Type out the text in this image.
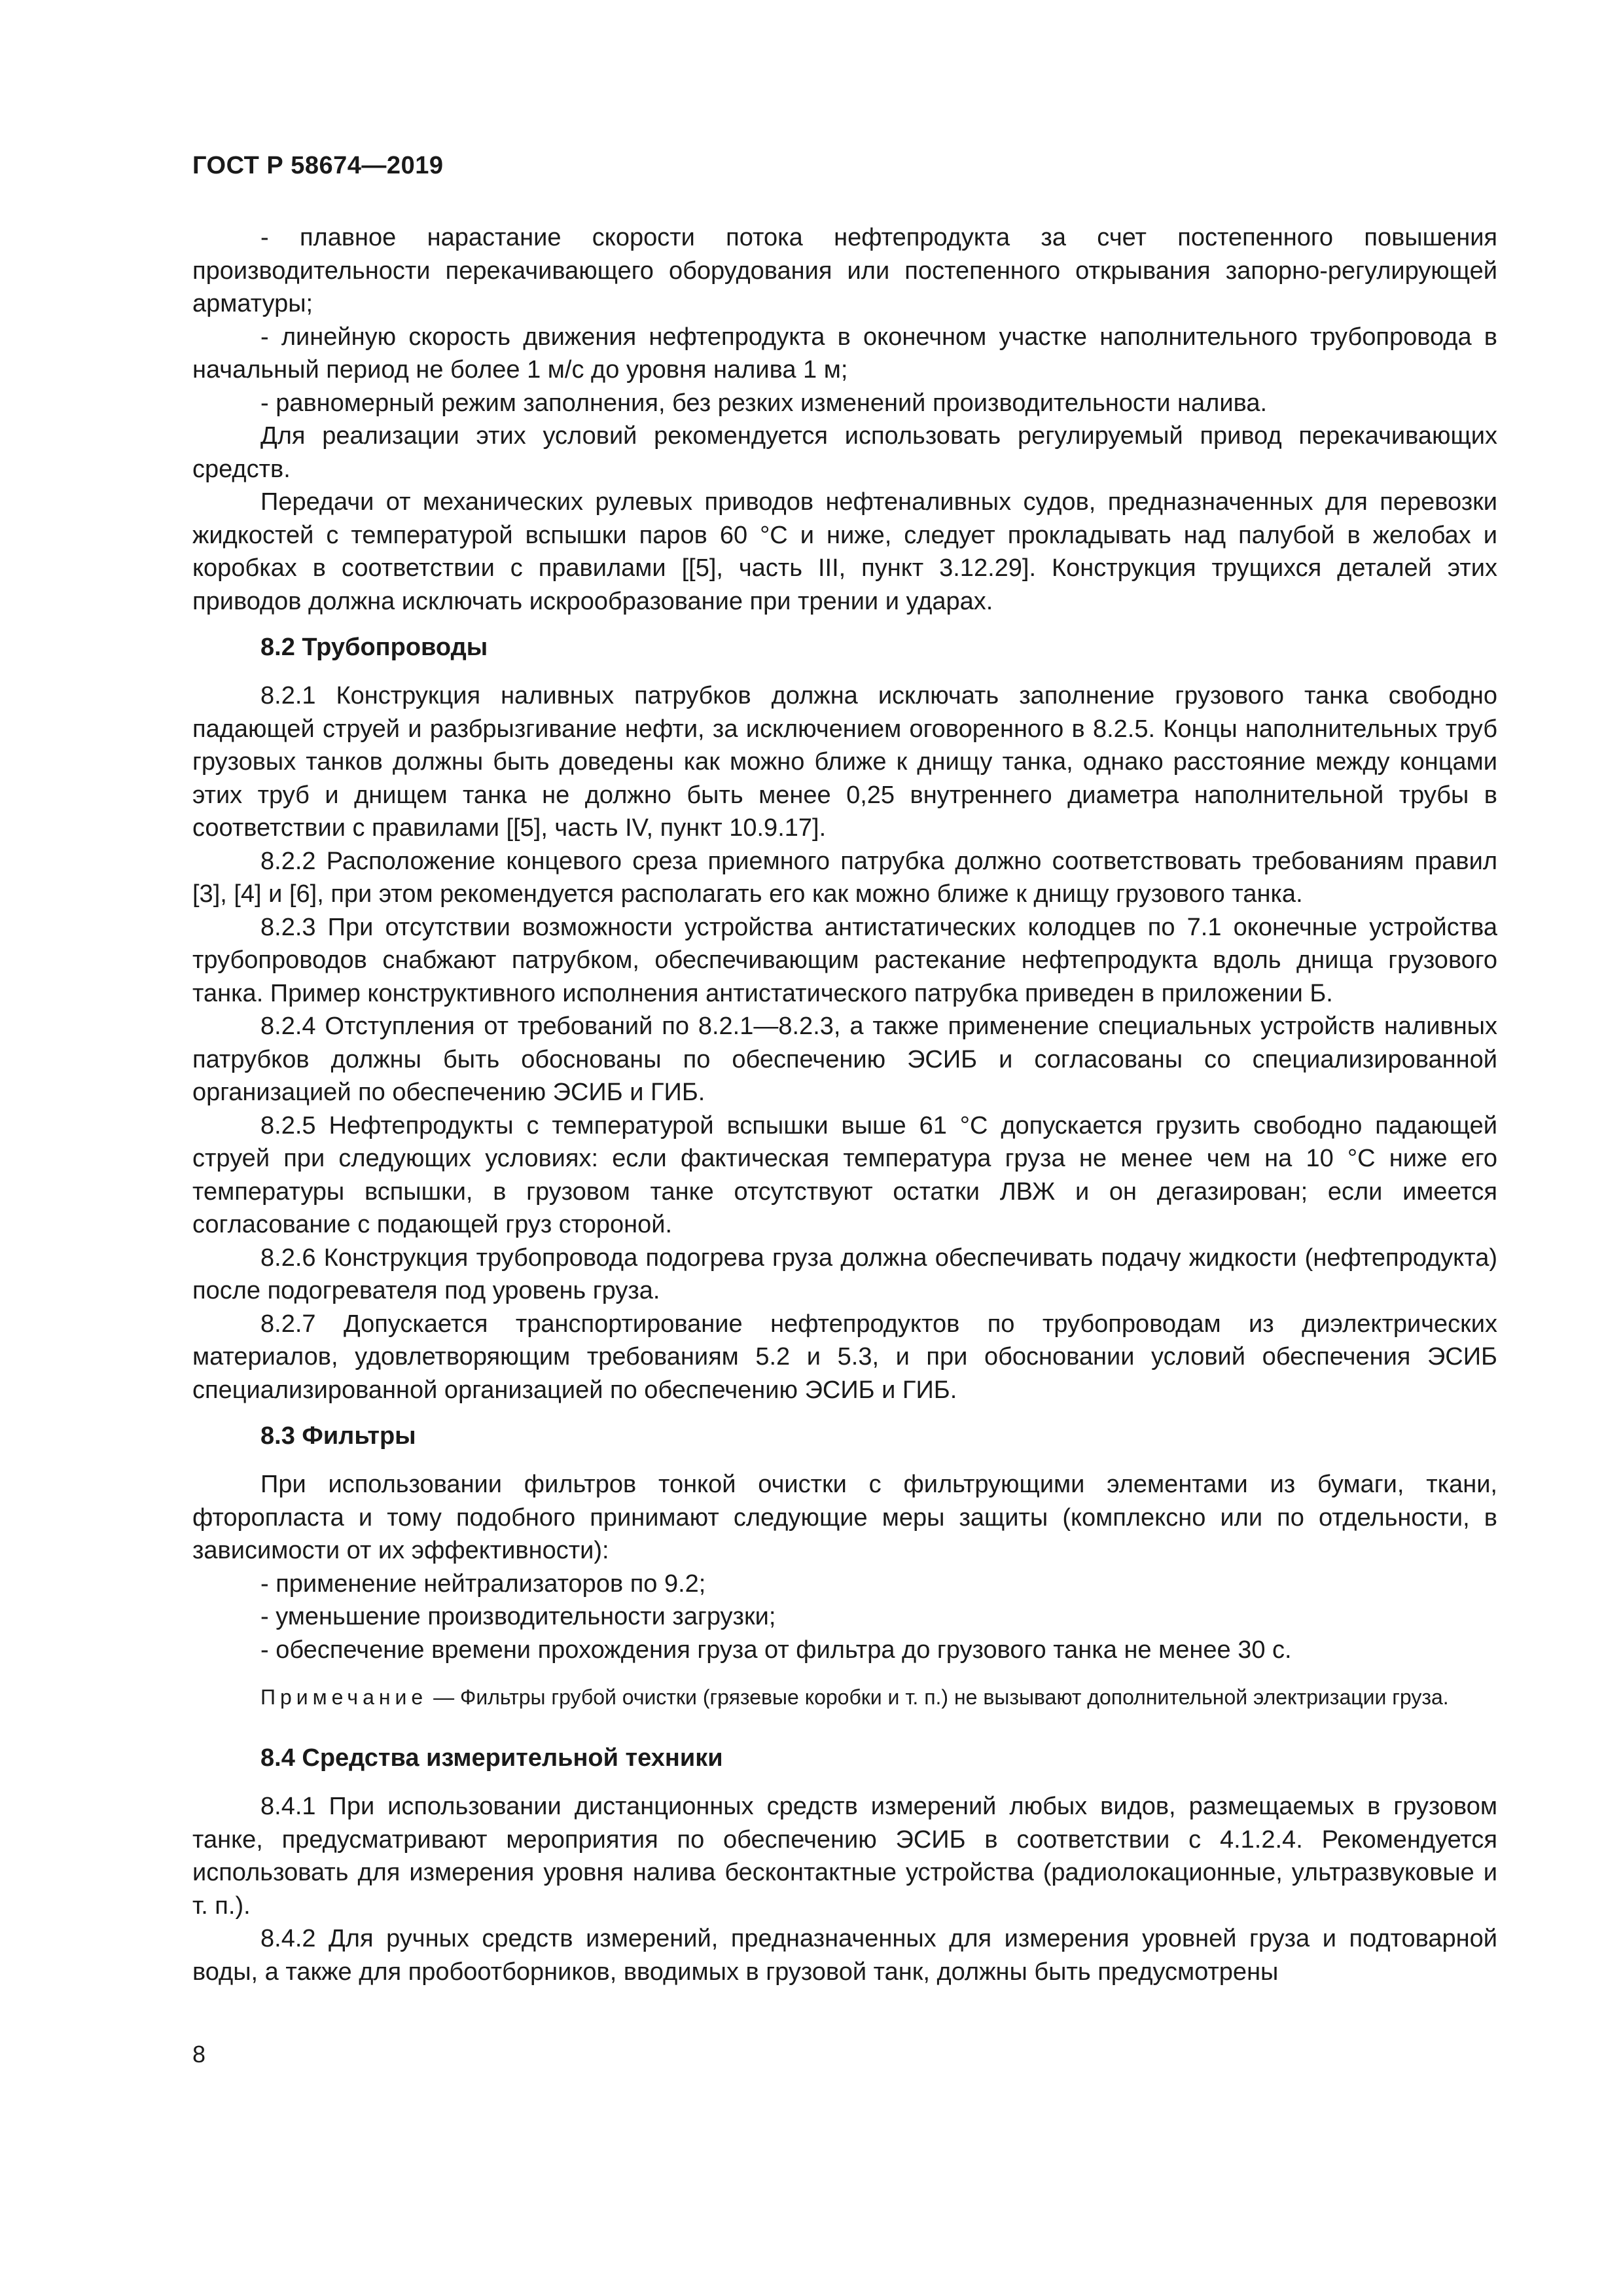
ГОСТ Р 58674—2019

- плавное нарастание скорости потока нефтепродукта за счет постепенного повышения производительности перекачивающего оборудования или постепенного открывания запорно-регулирующей арматуры;

- линейную скорость движения нефтепродукта в оконечном участке наполнительного трубопровода в начальный период не более 1 м/с до уровня налива 1 м;

- равномерный режим заполнения, без резких изменений производительности налива.

Для реализации этих условий рекомендуется использовать регулируемый привод перекачивающих средств.

Передачи от механических рулевых приводов нефтеналивных судов, предназначенных для перевозки жидкостей с температурой вспышки паров 60 °С и ниже, следует прокладывать над палубой в желобах и коробках в соответствии с правилами [[5], часть III, пункт 3.12.29]. Конструкция трущихся деталей этих приводов должна исключать искрообразование при трении и ударах.

8.2 Трубопроводы

8.2.1 Конструкция наливных патрубков должна исключать заполнение грузового танка свободно падающей струей и разбрызгивание нефти, за исключением оговоренного в 8.2.5. Концы наполнительных труб грузовых танков должны быть доведены как можно ближе к днищу танка, однако расстояние между концами этих труб и днищем танка не должно быть менее 0,25 внутреннего диаметра наполнительной трубы в соответствии с правилами [[5], часть IV, пункт 10.9.17].

8.2.2 Расположение концевого среза приемного патрубка должно соответствовать требованиям правил [3], [4] и [6], при этом рекомендуется располагать его как можно ближе к днищу грузового танка.

8.2.3 При отсутствии возможности устройства антистатических колодцев по 7.1 оконечные устройства трубопроводов снабжают патрубком, обеспечивающим растекание нефтепродукта вдоль днища грузового танка. Пример конструктивного исполнения антистатического патрубка приведен в приложении Б.

8.2.4 Отступления от требований по 8.2.1—8.2.3, а также применение специальных устройств наливных патрубков должны быть обоснованы по обеспечению ЭСИБ и согласованы со специализированной организацией по обеспечению ЭСИБ и ГИБ.

8.2.5 Нефтепродукты с температурой вспышки выше 61 °С допускается грузить свободно падающей струей при следующих условиях: если фактическая температура груза не менее чем на 10 °С ниже его температуры вспышки, в грузовом танке отсутствуют остатки ЛВЖ и он дегазирован; если имеется согласование с подающей груз стороной.

8.2.6 Конструкция трубопровода подогрева груза должна обеспечивать подачу жидкости (нефтепродукта) после подогревателя под уровень груза.

8.2.7 Допускается транспортирование нефтепродуктов по трубопроводам из диэлектрических материалов, удовлетворяющим требованиям 5.2 и 5.3, и при обосновании условий обеспечения ЭСИБ специализированной организацией по обеспечению ЭСИБ и ГИБ.

8.3 Фильтры

При использовании фильтров тонкой очистки с фильтрующими элементами из бумаги, ткани, фторопласта и тому подобного принимают следующие меры защиты (комплексно или по отдельности, в зависимости от их эффективности):

- применение нейтрализаторов по 9.2;

- уменьшение производительности загрузки;

- обеспечение времени прохождения груза от фильтра до грузового танка не менее 30 с.

Примечание — Фильтры грубой очистки (грязевые коробки и т. п.) не вызывают дополнительной электризации груза.

8.4 Средства измерительной техники

8.4.1 При использовании дистанционных средств измерений любых видов, размещаемых в грузовом танке, предусматривают мероприятия по обеспечению ЭСИБ в соответствии с 4.1.2.4. Рекомендуется использовать для измерения уровня налива бесконтактные устройства (радиолокационные, ультразвуковые и т. п.).

8.4.2 Для ручных средств измерений, предназначенных для измерения уровней груза и подтоварной воды, а также для пробоотборников, вводимых в грузовой танк, должны быть предусмотрены

8
